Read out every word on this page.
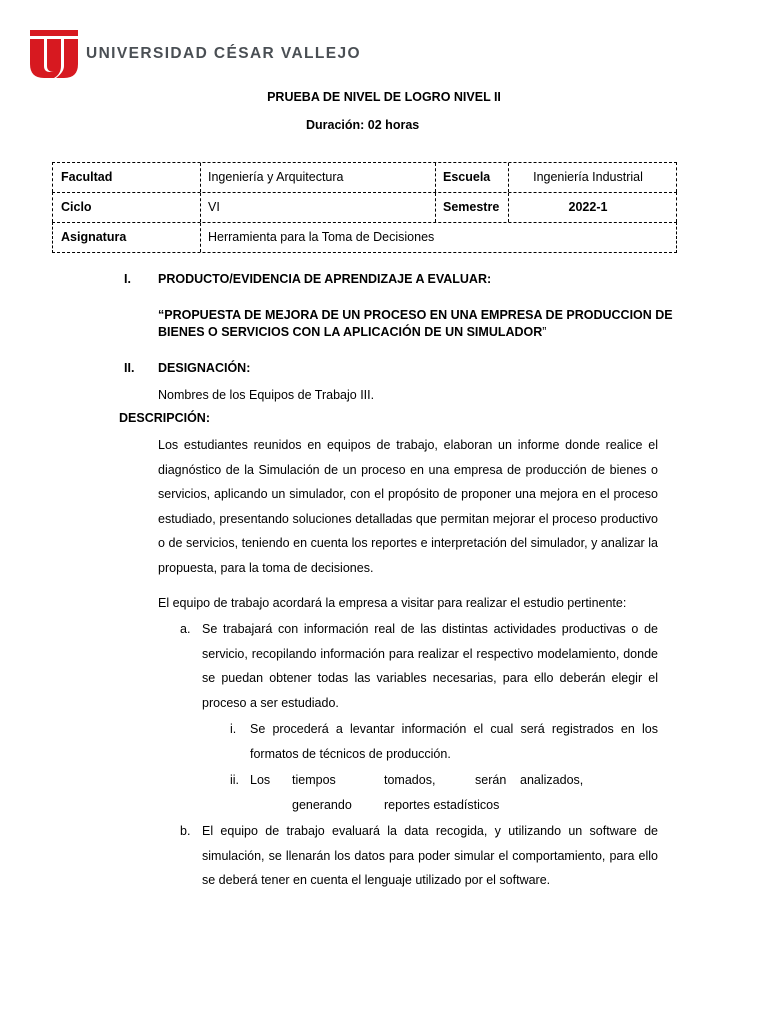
UNIVERSIDAD CÉSAR VALLEJO
PRUEBA DE NIVEL DE LOGRO NIVEL II
Duración: 02 horas
Facultad	Ingeniería y Arquitectura	Escuela	Ingeniería Industrial
Ciclo	VI	Semestre	2022-1
Asignatura	Herramienta para la Toma de Decisiones
I. PRODUCTO/EVIDENCIA DE APRENDIZAJE A EVALUAR:
“PROPUESTA DE MEJORA DE UN PROCESO EN UNA EMPRESA DE PRODUCCION DE
BIENES O SERVICIOS CON LA APLICACIÓN DE UN SIMULADOR”
II. DESIGNACIÓN:
Nombres de los Equipos de Trabajo III.
DESCRIPCIÓN:
Los estudiantes reunidos en equipos de trabajo, elaboran un informe donde realice el diagnóstico de la Simulación de un proceso en una empresa de producción de bienes o servicios, aplicando un simulador, con el propósito de proponer una mejora en el proceso estudiado, presentando soluciones detalladas que permitan mejorar el proceso productivo o de servicios, teniendo en cuenta los reportes e interpretación del simulador, y analizar la propuesta, para la toma de decisiones.
El equipo de trabajo acordará la empresa a visitar para realizar el estudio pertinente:
a. Se trabajará con información real de las distintas actividades productivas o de servicio, recopilando información para realizar el respectivo modelamiento, donde se puedan obtener todas las variables necesarias, para ello deberán elegir el proceso a ser estudiado.
i. Se procederá a levantar información el cual será registrados en los formatos de técnicos de producción.
ii. Los tiempos	tomados,	serán analizados,
generando	reportes estadísticos
b. El equipo de trabajo evaluará la data recogida, y utilizando un software de simulación, se llenarán los datos para poder simular el comportamiento, para ello se deberá tener en cuenta el lenguaje utilizado por el software.
